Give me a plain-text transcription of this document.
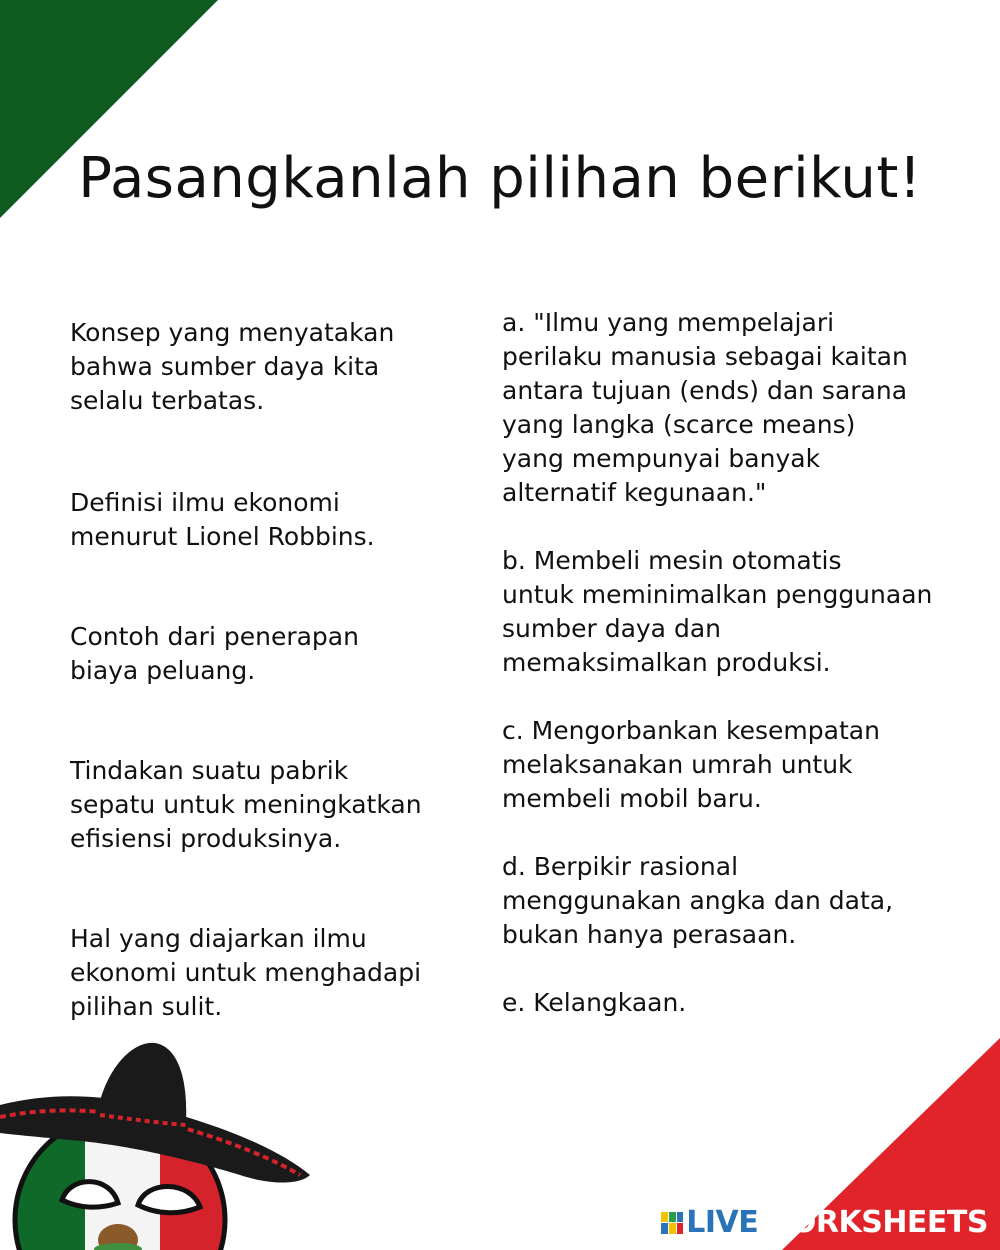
Pasangkanlah pilihan berikut!
Konsep yang menyatakan
bahwa sumber daya kita
selalu terbatas.
Definisi ilmu ekonomi
menurut Lionel Robbins.
Contoh dari penerapan
biaya peluang.
Tindakan suatu pabrik
sepatu untuk meningkatkan
efisiensi produksinya.
Hal yang diajarkan ilmu
ekonomi untuk menghadapi
pilihan sulit.
a. "Ilmu yang mempelajari
perilaku manusia sebagai kaitan
antara tujuan (ends) dan sarana
yang langka (scarce means)
yang mempunyai banyak
alternatif kegunaan."
b. Membeli mesin otomatis
untuk meminimalkan penggunaan
sumber daya dan
memaksimalkan produksi.
c. Mengorbankan kesempatan
melaksanakan umrah untuk
membeli mobil baru.
d. Berpikir rasional
menggunakan angka dan data,
bukan hanya perasaan.
e. Kelangkaan.
LIVE WORK SHEETS
